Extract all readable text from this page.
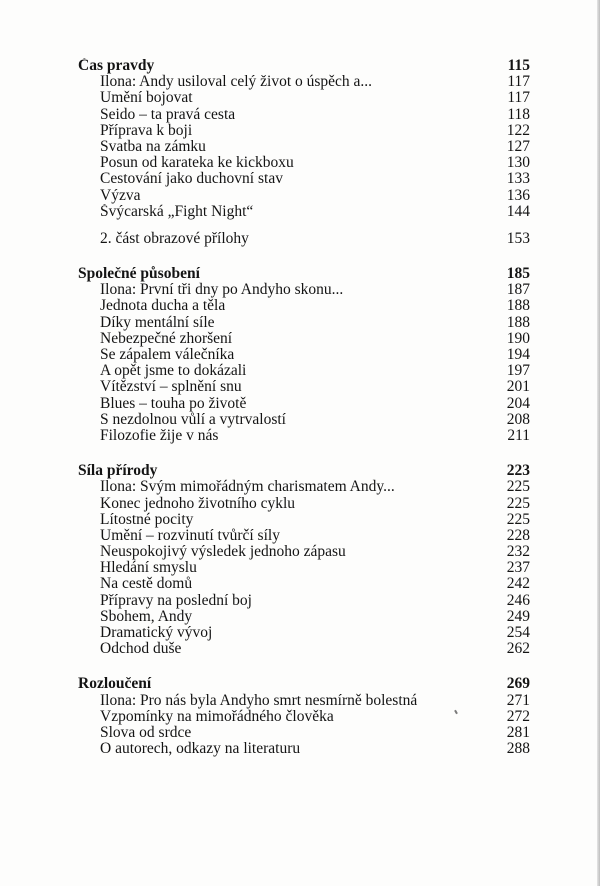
Čas pravdy	115
Ilona: Andy usiloval celý život o úspěch a...	117
Umění bojovat	117
Seido – ta pravá cesta	118
Příprava k boji	122
Svatba na zámku	127
Posun od karateka ke kickboxu	130
Cestování jako duchovní stav	133
Výzva	136
Švýcarská „Fight Night“	144
2. část obrazové přílohy	153
Společné působení	185
Ilona: První tři dny po Andyho skonu...	187
Jednota ducha a těla	188
Díky mentální síle	188
Nebezpečné zhoršení	190
Se zápalem válečníka	194
A opět jsme to dokázali	197
Vítězství – splnění snu	201
Blues – touha po životě	204
S nezdolnou vůlí a vytrvalostí	208
Filozofie žije v nás	211
Síla přírody	223
Ilona: Svým mimořádným charismatem Andy...	225
Konec jednoho životního cyklu	225
Lítostné pocity	225
Umění – rozvinutí tvůrčí síly	228
Neuspokojivý výsledek jednoho zápasu	232
Hledání smyslu	237
Na cestě domů	242
Přípravy na poslední boj	246
Sbohem, Andy	249
Dramatický vývoj	254
Odchod duše	262
Rozloučení	269
Ilona: Pro nás byla Andyho smrt nesmírně bolestná	271
Vzpomínky na mimořádného člověka	272
Slova od srdce	281
O autorech, odkazy na literaturu	288
